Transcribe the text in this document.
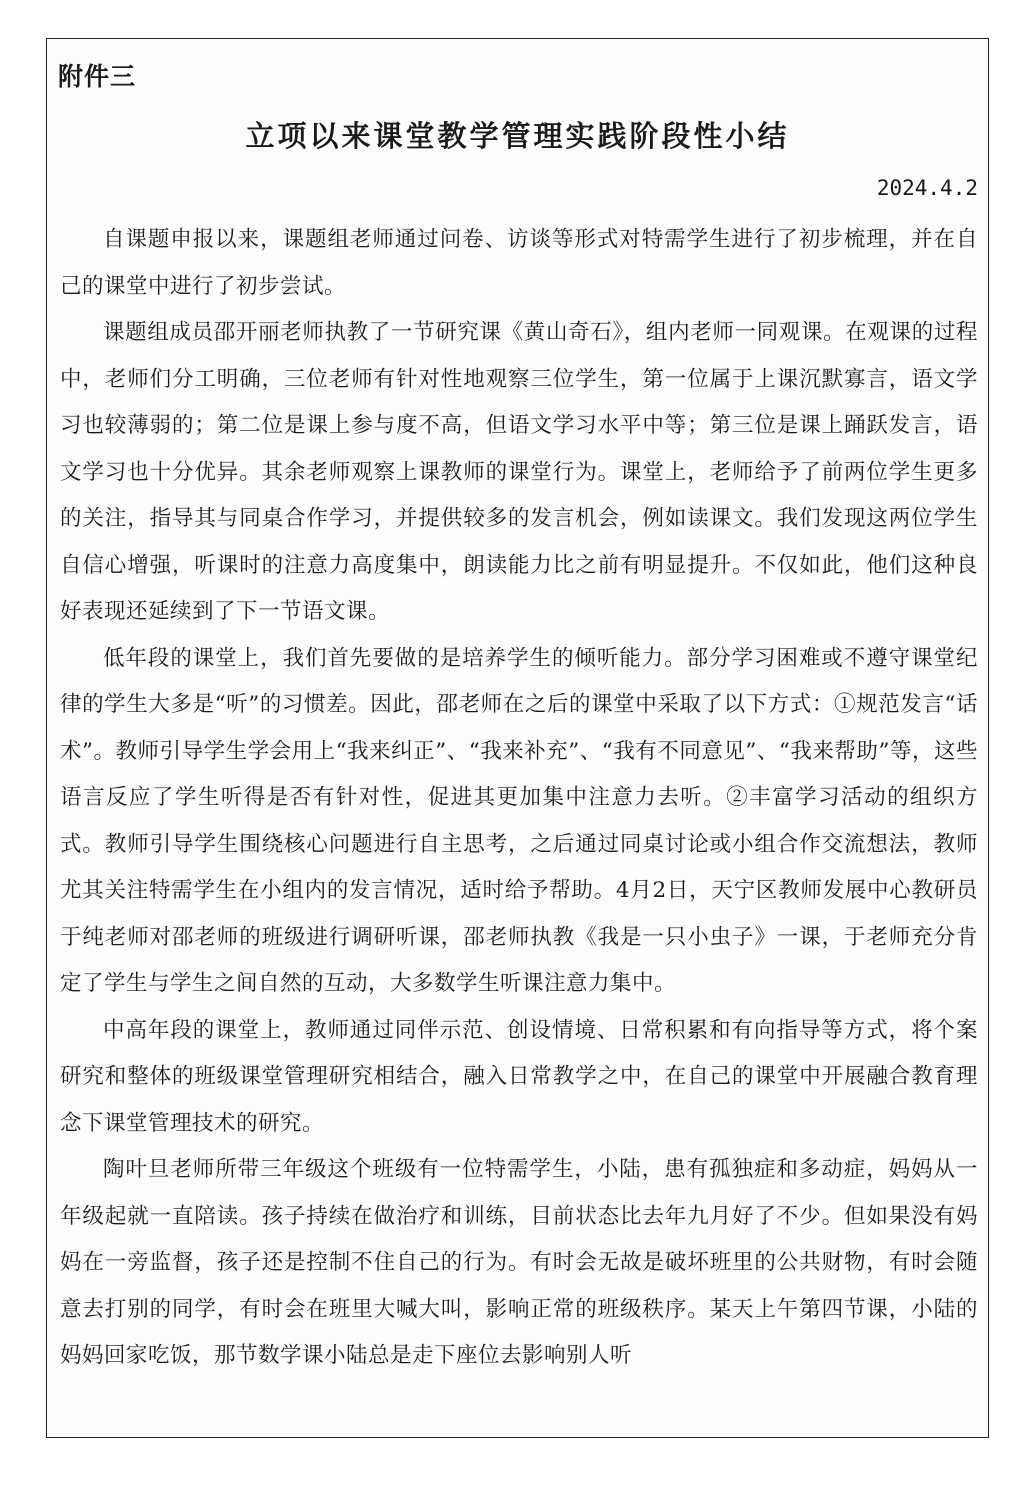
附件三
立项以来课堂教学管理实践阶段性小结
2024.4.2

自课题申报以来，课题组老师通过问卷、访谈等形式对特需学生进行了初步梳理，并在自己的课堂中进行了初步尝试。

课题组成员邵开丽老师执教了一节研究课《黄山奇石》，组内老师一同观课。在观课的过程中，老师们分工明确，三位老师有针对性地观察三位学生，第一位属于上课沉默寡言，语文学习也较薄弱的；第二位是课上参与度不高，但语文学习水平中等；第三位是课上踊跃发言，语文学习也十分优异。其余老师观察上课教师的课堂行为。课堂上，老师给予了前两位学生更多的关注，指导其与同桌合作学习，并提供较多的发言机会，例如读课文。我们发现这两位学生自信心增强，听课时的注意力高度集中，朗读能力比之前有明显提升。不仅如此，他们这种良好表现还延续到了下一节语文课。

低年段的课堂上，我们首先要做的是培养学生的倾听能力。部分学习困难或不遵守课堂纪律的学生大多是“听”的习惯差。因此，邵老师在之后的课堂中采取了以下方式：①规范发言“话术”。教师引导学生学会用上“我来纠正”、“我来补充”、“我有不同意见”、“我来帮助”等，这些语言反应了学生听得是否有针对性，促进其更加集中注意力去听。②丰富学习活动的组织方式。教师引导学生围绕核心问题进行自主思考，之后通过同桌讨论或小组合作交流想法，教师尤其关注特需学生在小组内的发言情况，适时给予帮助。4月2日，天宁区教师发展中心教研员于纯老师对邵老师的班级进行调研听课，邵老师执教《我是一只小虫子》一课，于老师充分肯定了学生与学生之间自然的互动，大多数学生听课注意力集中。

中高年段的课堂上，教师通过同伴示范、创设情境、日常积累和有向指导等方式，将个案研究和整体的班级课堂管理研究相结合，融入日常教学之中，在自己的课堂中开展融合教育理念下课堂管理技术的研究。

陶叶旦老师所带三年级这个班级有一位特需学生，小陆，患有孤独症和多动症，妈妈从一年级起就一直陪读。孩子持续在做治疗和训练，目前状态比去年九月好了不少。但如果没有妈妈在一旁监督，孩子还是控制不住自己的行为。有时会无故是破坏班里的公共财物，有时会随意去打别的同学，有时会在班里大喊大叫，影响正常的班级秩序。某天上午第四节课，小陆的妈妈回家吃饭，那节数学课小陆总是走下座位去影响别人听
